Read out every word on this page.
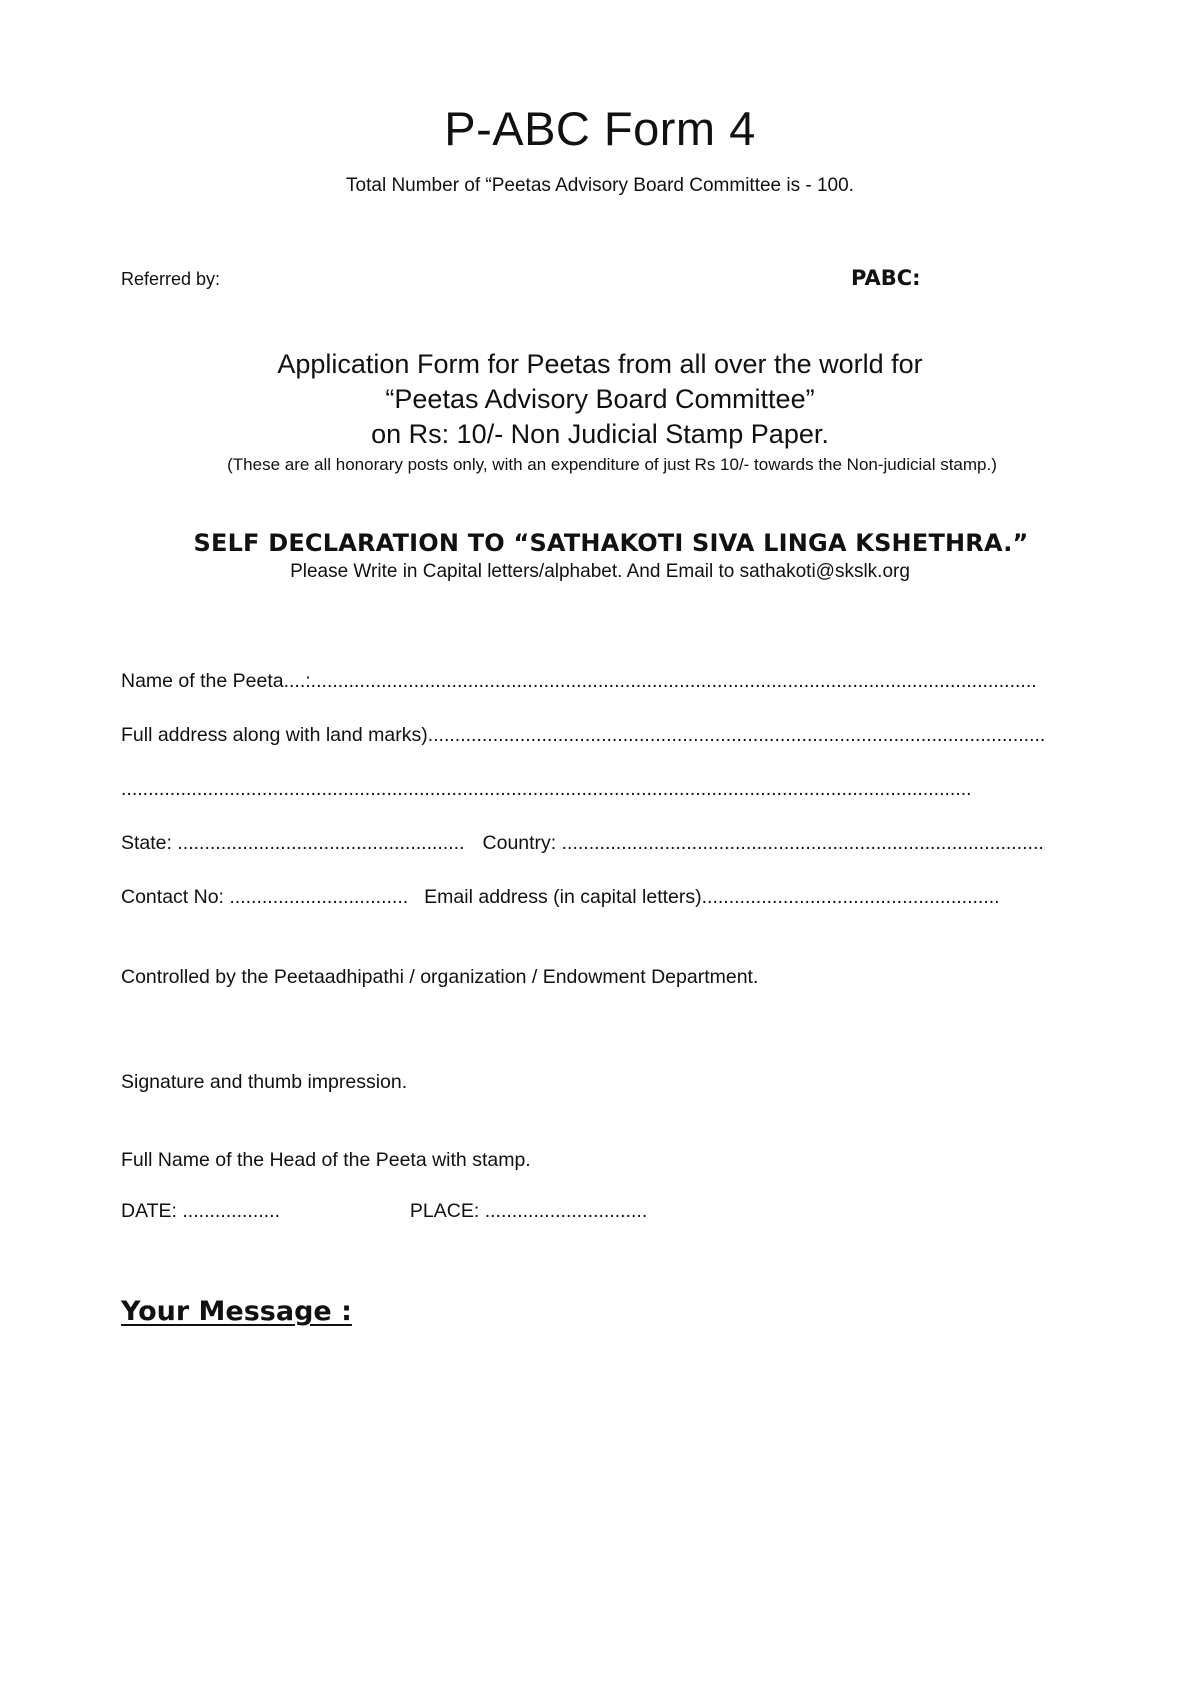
P-ABC Form 4
Total Number of “Peetas Advisory Board Committee is - 100.
Referred by:	PABC:
Application Form for Peetas from all over the world for
“Peetas Advisory Board Committee”
on Rs: 10/- Non Judicial Stamp Paper.
(These are all honorary posts only, with an expenditure of just Rs 10/- towards the Non-judicial stamp.)
SELF DECLARATION TO “SATHAKOTI SIVA LINGA KSHETHRA.”
Please Write in Capital letters/alphabet. And Email to sathakoti@skslk.org
Name of the Peeta....:......................................................................................................................................
Full address along with land marks)..................................................................................................................
.............................................................................................................................................................
State: ..................................................... Country: .........................................................................................
Contact No: ................................. Email address (in capital letters).......................................................
Controlled by the Peetaadhipathi / organization / Endowment Department.
Signature and thumb impression.
Full Name of the Head of the Peeta with stamp.
DATE: ..................	PLACE: ..............................
Your Message :
